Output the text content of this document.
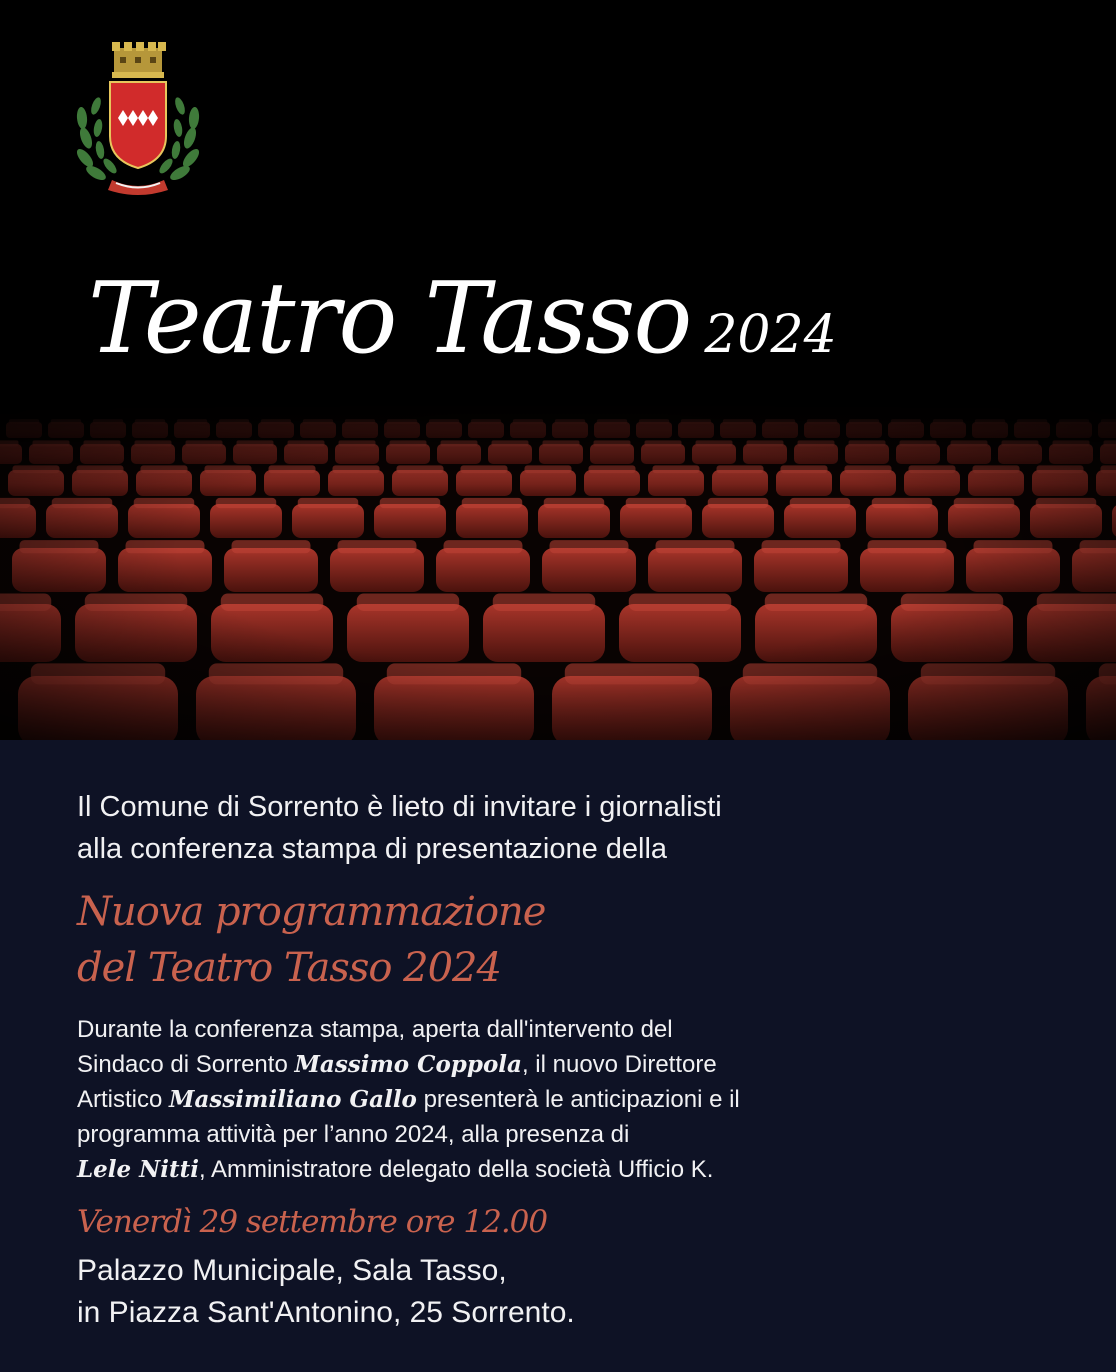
Teatro Tasso 2024
Il Comune di Sorrento è lieto di invitare i giornalisti
alla conferenza stampa di presentazione della
Nuova programmazione
del Teatro Tasso 2024
Durante la conferenza stampa, aperta dall'intervento del
Sindaco di Sorrento Massimo Coppola, il nuovo Direttore
Artistico Massimiliano Gallo presenterà le anticipazioni e il
programma attività per l’anno 2024, alla presenza di
Lele Nitti, Amministratore delegato della società Ufficio K.
Venerdì 29 settembre ore 12.00
Palazzo Municipale, Sala Tasso,
in Piazza Sant'Antonino, 25 Sorrento.
